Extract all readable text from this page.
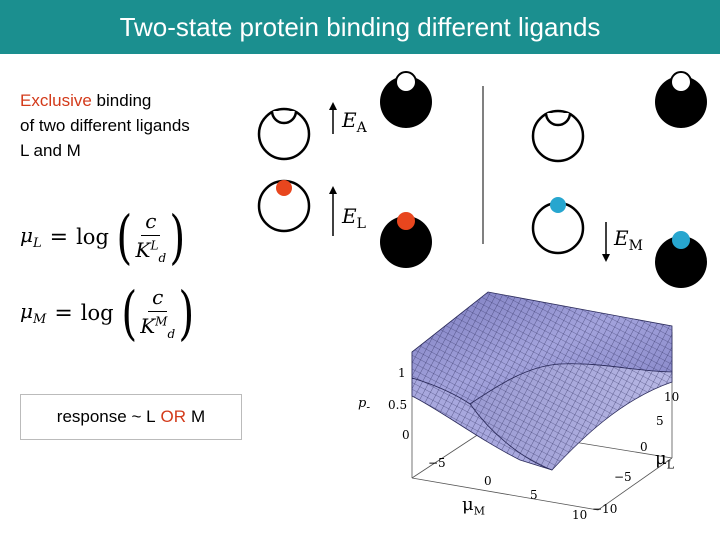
Two-state protein binding different ligands
Exclusive binding
of two different ligands
L and M
$\mu_L = \log$ ( $\frac{c}{K^L_d}$ )
$\mu_M = \log$ ( $\frac{c}{K^M_d}$ )
response ~ L OR M
$E_A$
$E_L$
$E_M$
$p_-$
1
0.5
0
10
5
0
−5
−10
−5
0
5
10
$\mu_L$
$\mu_M$
